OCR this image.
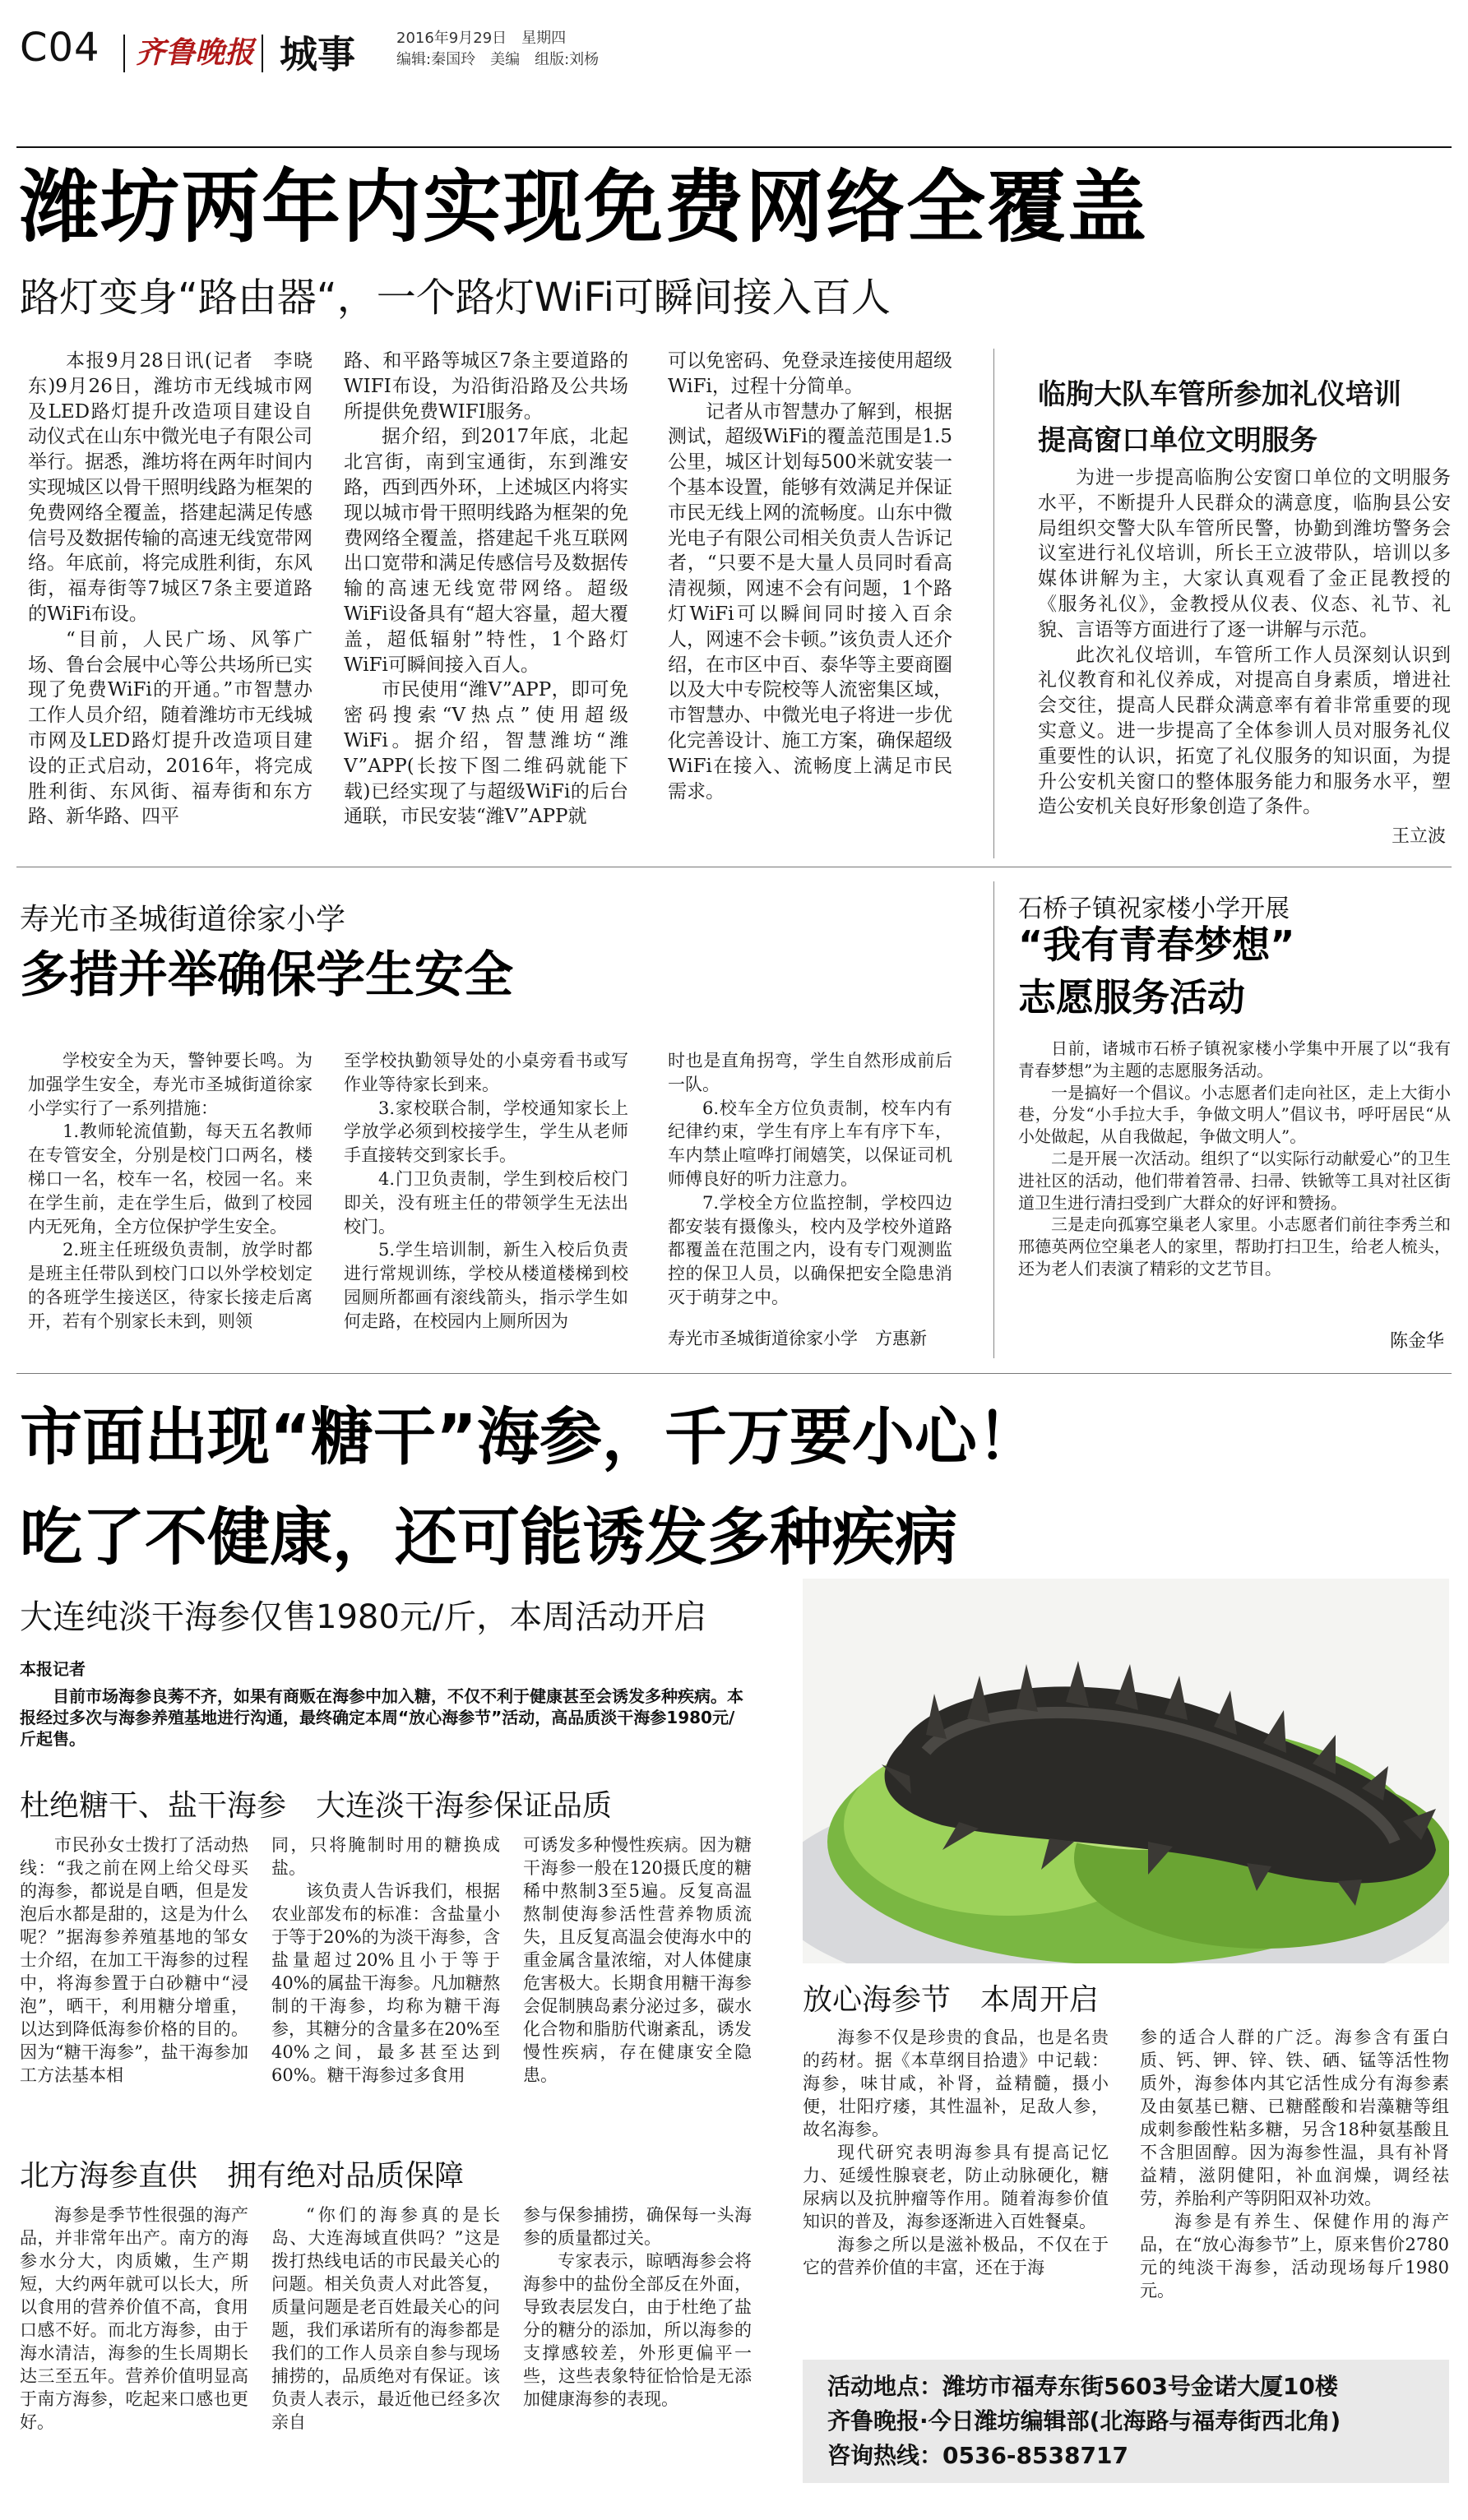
C04 齐鲁晚报 城事	2016年9月29日　星期四
编辑:秦国玲　美编　组版:刘杨
潍坊两年内实现免费网络全覆盖
路灯变身“路由器“，一个路灯WiFi可瞬间接入百人

本报9月28日讯(记者　李晓东)9月26日，潍坊市无线城市网及LED路灯提升改造项目建设自动仪式在山东中微光电子有限公司举行。据悉，潍坊将在两年时间内实现城区以骨干照明线路为框架的免费网络全覆盖，搭建起满足传感信号及数据传输的高速无线宽带网络。年底前，将完成胜利街，东风街，福寿街等7城区7条主要道路的WiFi布设。

“目前，人民广场、风筝广场、鲁台会展中心等公共场所已实现了免费WiFi的开通。”市智慧办工作人员介绍，随着潍坊市无线城市网及LED路灯提升改造项目建设的正式启动，2016年，将完成胜利街、东风街、福寿街和东方路、新华路、四平

路、和平路等城区7条主要道路的WIFI布设，为沿街沿路及公共场所提供免费WIFI服务。

据介绍，到2017年底，北起北宫街，南到宝通街，东到潍安路，西到西外环，上述城区内将实现以城市骨干照明线路为框架的免费网络全覆盖，搭建起千兆互联网出口宽带和满足传感信号及数据传输的高速无线宽带网络。超级WiFi设备具有“超大容量，超大覆盖，超低辐射”特性，1个路灯WiFi可瞬间接入百人。

市民使用“潍V”APP，即可免密码搜索“V热点”使用超级WiFi。据介绍，智慧潍坊“潍V”APP(长按下图二维码就能下载)已经实现了与超级WiFi的后台通联，市民安装“潍V”APP就

可以免密码、免登录连接使用超级WiFi，过程十分简单。

记者从市智慧办了解到，根据测试，超级WiFi的覆盖范围是1.5公里，城区计划每500米就安装一个基本设置，能够有效满足并保证市民无线上网的流畅度。山东中微光电子有限公司相关负责人告诉记者，“只要不是大量人员同时看高清视频，网速不会有问题，1个路灯WiFi可以瞬间同时接入百余人，网速不会卡顿。”该负责人还介绍，在市区中百、泰华等主要商圈以及大中专院校等人流密集区域，市智慧办、中微光电子将进一步优化完善设计、施工方案，确保超级WiFi在接入、流畅度上满足市民需求。

临朐大队车管所参加礼仪培训
提高窗口单位文明服务

为进一步提高临朐公安窗口单位的文明服务水平，不断提升人民群众的满意度，临朐县公安局组织交警大队车管所民警，协勤到潍坊警务会议室进行礼仪培训，所长王立波带队，培训以多媒体讲解为主，大家认真观看了金正昆教授的《服务礼仪》，金教授从仪表、仪态、礼节、礼貌、言语等方面进行了逐一讲解与示范。

此次礼仪培训，车管所工作人员深刻认识到礼仪教育和礼仪养成，对提高自身素质，增进社会交往，提高人民群众满意率有着非常重要的现实意义。进一步提高了全体参训人员对服务礼仪重要性的认识，拓宽了礼仪服务的知识面，为提升公安机关窗口的整体服务能力和服务水平，塑造公安机关良好形象创造了条件。

王立波
寿光市圣城街道徐家小学
多措并举确保学生安全

学校安全为天，警钟要长鸣。为加强学生安全，寿光市圣城街道徐家小学实行了一系列措施：

1.教师轮流值勤，每天五名教师在专管安全，分别是校门口两名，楼梯口一名，校车一名，校园一名。来在学生前，走在学生后，做到了校园内无死角，全方位保护学生安全。

2.班主任班级负责制，放学时都是班主任带队到校门口以外学校划定的各班学生接送区，待家长接走后离开，若有个别家长未到，则领

至学校执勤领导处的小桌旁看书或写作业等待家长到来。

3.家校联合制，学校通知家长上学放学必须到校接学生，学生从老师手直接转交到家长手。

4.门卫负责制，学生到校后校门即关，没有班主任的带领学生无法出校门。

5.学生培训制，新生入校后负责进行常规训练，学校从楼道楼梯到校园厕所都画有滚线箭头，指示学生如何走路，在校园内上厕所因为

时也是直角拐弯，学生自然形成前后一队。

6.校车全方位负责制，校车内有纪律约束，学生有序上车有序下车，车内禁止喧哗打闹嬉笑，以保证司机师傅良好的听力注意力。

7.学校全方位监控制，学校四边都安装有摄像头，校内及学校外道路都覆盖在范围之内，设有专门观测监控的保卫人员，以确保把安全隐患消灭于萌芽之中。

寿光市圣城街道徐家小学　方惠新
石桥子镇祝家楼小学开展
“我有青春梦想”
志愿服务活动

日前，诸城市石桥子镇祝家楼小学集中开展了以“我有青春梦想”为主题的志愿服务活动。

一是搞好一个倡议。小志愿者们走向社区，走上大街小巷，分发“小手拉大手，争做文明人”倡议书，呼吁居民“从小处做起，从自我做起，争做文明人”。

二是开展一次活动。组织了“以实际行动献爱心”的卫生进社区的活动，他们带着笤帚、扫帚、铁锨等工具对社区街道卫生进行清扫受到广大群众的好评和赞扬。

三是走向孤寡空巢老人家里。小志愿者们前往李秀兰和邢德英两位空巢老人的家里，帮助打扫卫生，给老人梳头，还为老人们表演了精彩的文艺节目。

陈金华
市面出现“糖干”海参，千万要小心！
吃了不健康，还可能诱发多种疾病
大连纯淡干海参仅售1980元/斤，本周活动开启
本报记者

目前市场海参良莠不齐，如果有商贩在海参中加入糖，不仅不利于健康甚至会诱发多种疾病。本报经过多次与海参养殖基地进行沟通，最终确定本周“放心海参节”活动，高品质淡干海参1980元/斤起售。

杜绝糖干、盐干海参　大连淡干海参保证品质

市民孙女士拨打了活动热线：“我之前在网上给父母买的海参，都说是自晒，但是发泡后水都是甜的，这是为什么呢？”据海参养殖基地的邹女士介绍，在加工干海参的过程中，将海参置于白砂糖中“浸泡”，晒干，利用糖分增重，以达到降低海参价格的目的。因为“糖干海参”，盐干海参加工方法基本相

同，只将腌制时用的糖换成盐。

该负责人告诉我们，根据农业部发布的标准：含盐量小于等于20%的为淡干海参，含盐量超过20%且小于等于40%的属盐干海参。凡加糖熬制的干海参，均称为糖干海参，其糖分的含量多在20%至40%之间，最多甚至达到60%。糖干海参过多食用

可诱发多种慢性疾病。因为糖干海参一般在120摄氏度的糖稀中熬制3至5遍。反复高温熬制使海参活性营养物质流失，且反复高温会使海水中的重金属含量浓缩，对人体健康危害极大。长期食用糖干海参会促制胰岛素分泌过多，碳水化合物和脂肪代谢紊乱，诱发慢性疾病，存在健康安全隐患。

北方海参直供　拥有绝对品质保障

海参是季节性很强的海产品，并非常年出产。南方的海参水分大，肉质嫩，生产期短，大约两年就可以长大，所以食用的营养价值不高，食用口感不好。而北方海参，由于海水清洁，海参的生长周期长达三至五年。营养价值明显高于南方海参，吃起来口感也更好。

“你们的海参真的是长岛、大连海域直供吗？”这是拨打热线电话的市民最关心的问题。相关负责人对此答复，质量问题是老百姓最关心的问题，我们承诺所有的海参都是我们的工作人员亲自参与现场捕捞的，品质绝对有保证。该负责人表示，最近他已经多次亲自

参与保参捕捞，确保每一头海参的质量都过关。

专家表示，晾晒海参会将海参中的盐份全部反在外面，导致表层发白，由于杜绝了盐分的糖分的添加，所以海参的支撑感较差，外形更偏平一些，这些表象特征恰恰是无添加健康海参的表现。

放心海参节　本周开启

海参不仅是珍贵的食品，也是名贵的药材。据《本草纲目拾遗》中记载：海参，味甘咸，补肾，益精髓，摄小便，壮阳疗痿，其性温补，足敌人参，故名海参。

现代研究表明海参具有提高记忆力、延缓性腺衰老，防止动脉硬化，糖尿病以及抗肿瘤等作用。随着海参价值知识的普及，海参逐渐进入百姓餐桌。

海参之所以是滋补极品，不仅在于它的营养价值的丰富，还在于海

参的适合人群的广泛。海参含有蛋白质、钙、钾、锌、铁、硒、锰等活性物质外，海参体内其它活性成分有海参素及由氨基已糖、已糖醛酸和岩藻糖等组成刺参酸性粘多糖，另含18种氨基酸且不含胆固醇。因为海参性温，具有补肾益精，滋阴健阳，补血润燥，调经祛劳，养胎利产等阴阳双补功效。

海参是有养生、保健作用的海产品，在“放心海参节”上，原来售价2780元的纯淡干海参，活动现场每斤1980元。

活动地点：潍坊市福寿东街5603号金诺大厦10楼
齐鲁晚报·今日潍坊编辑部(北海路与福寿街西北角)
咨询热线：0536-8538717
